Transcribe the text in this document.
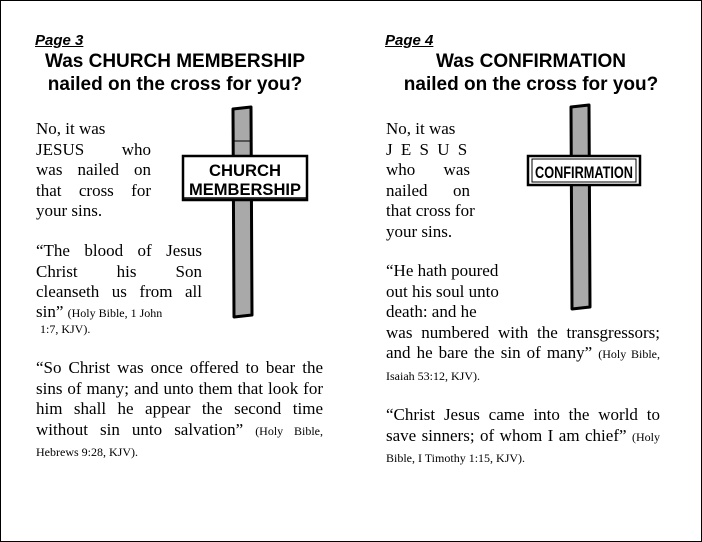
Page 3
Was CHURCH MEMBERSHIP
nailed on the cross for you?
No, it was
JESUS who
was nailed on
that cross for
your sins.
“The blood of Jesus
Christ his Son
cleanseth us from all
sin” (Holy Bible, 1 John
1:7, KJV).
“So Christ was once offered to bear the sins of many; and unto them that look for him shall he appear the second time without sin unto salvation” (Holy Bible, Hebrews 9:28, KJV).
CHURCH
MEMBERSHIP
Page 4
Was CONFIRMATION
nailed on the cross for you?
No, it was
J E S U S
who was
nailed on
that cross for
your sins.
“He hath poured
out his soul unto
death: and he
was numbered with the transgressors; and he bare the sin of many” (Holy Bible, Isaiah 53:12, KJV).
“Christ Jesus came into the world to save sinners; of whom I am chief” (Holy Bible, I Timothy 1:15, KJV).
CONFIRMATION
